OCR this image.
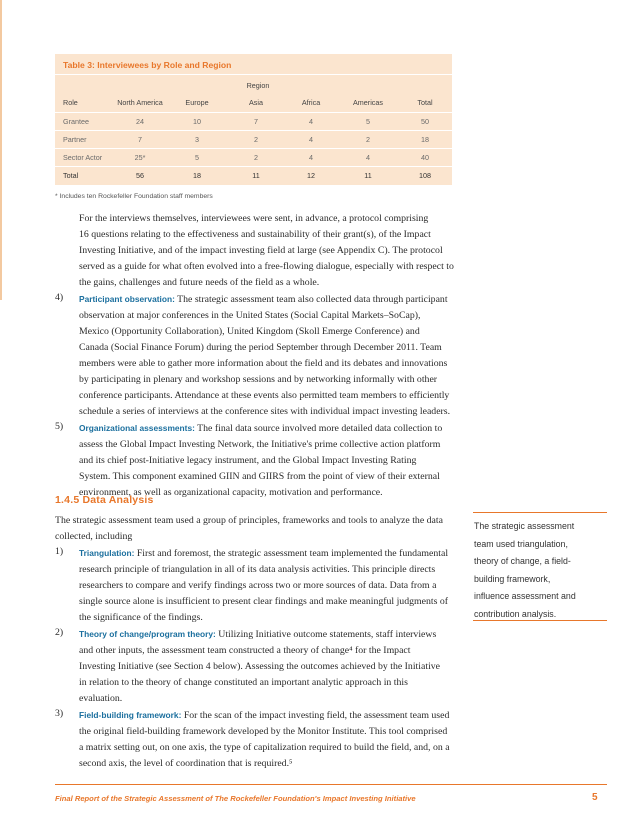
Table 3: Interviewees by Role and Region
Region
Role	North America	Europe	Asia	Africa	Americas	Total
Grantee	24	10	7	4	5	50
Partner	7	3	2	4	2	18
Sector Actor	25*	5	2	4	4	40
Total	56	18	11	12	11	108
* Includes ten Rockefeller Foundation staff members
For the interviews themselves, interviewees were sent, in advance, a protocol comprising
16 questions relating to the effectiveness and sustainability of their grant(s), of the Impact
Investing Initiative, and of the impact investing field at large (see Appendix C). The protocol
served as a guide for what often evolved into a free-flowing dialogue, especially with respect to
the gains, challenges and future needs of the field as a whole.
4) Participant observation: The strategic assessment team also collected data through participant
observation at major conferences in the United States (Social Capital Markets–SoCap),
Mexico (Opportunity Collaboration), United Kingdom (Skoll Emerge Conference) and
Canada (Social Finance Forum) during the period September through December 2011. Team
members were able to gather more information about the field and its debates and innovations
by participating in plenary and workshop sessions and by networking informally with other
conference participants. Attendance at these events also permitted team members to efficiently
schedule a series of interviews at the conference sites with individual impact investing leaders.
5) Organizational assessments: The final data source involved more detailed data collection to
assess the Global Impact Investing Network, the Initiative's prime collective action platform
and its chief post-Initiative legacy instrument, and the Global Impact Investing Rating
System. This component examined GIIN and GIIRS from the point of view of their external
environment, as well as organizational capacity, motivation and performance.
1.4.5 Data Analysis
The strategic assessment team used a group of principles, frameworks and tools to analyze the data
collected, including
1) Triangulation: First and foremost, the strategic assessment team implemented the fundamental
research principle of triangulation in all of its data analysis activities. This principle directs
researchers to compare and verify findings across two or more sources of data. Data from a
single source alone is insufficient to present clear findings and make meaningful judgments of
the significance of the findings.
2) Theory of change/program theory: Utilizing Initiative outcome statements, staff interviews
and other inputs, the assessment team constructed a theory of change⁴ for the Impact
Investing Initiative (see Section 4 below). Assessing the outcomes achieved by the Initiative
in relation to the theory of change constituted an important analytic approach in this
evaluation.
3) Field-building framework: For the scan of the impact investing field, the assessment team used
the original field-building framework developed by the Monitor Institute. This tool comprised
a matrix setting out, on one axis, the type of capitalization required to build the field, and, on a
second axis, the level of coordination that is required.⁵
The strategic assessment
team used triangulation,
theory of change, a field-
building framework,
influence assessment and
contribution analysis.
Final Report of the Strategic Assessment of The Rockefeller Foundation's Impact Investing Initiative	5
